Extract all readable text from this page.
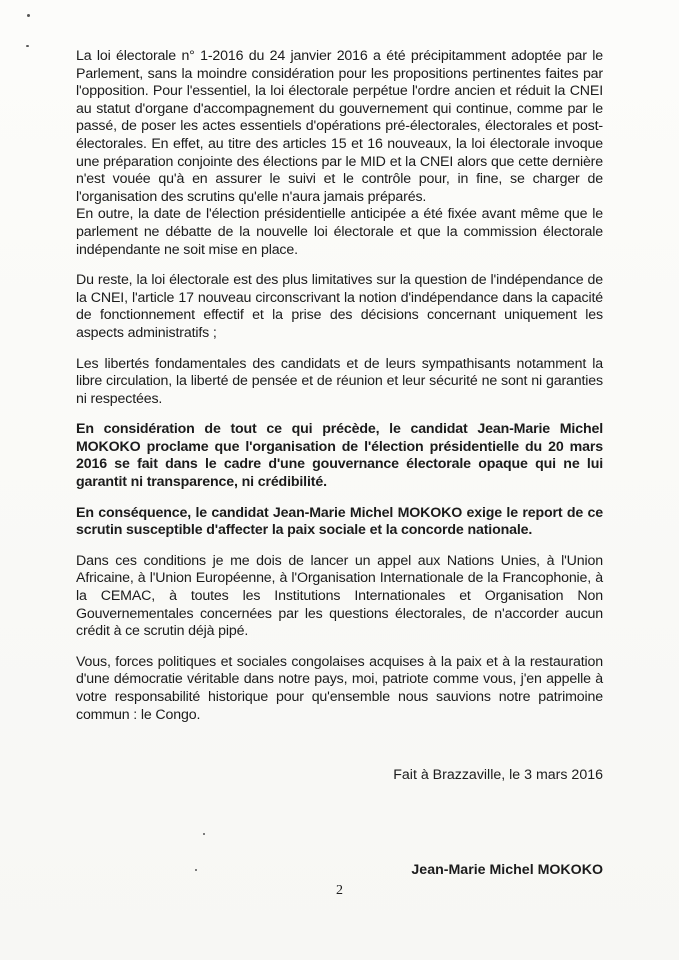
La loi électorale n° 1-2016 du 24 janvier 2016 a été précipitamment adoptée par le Parlement, sans la moindre considération pour les propositions pertinentes faites par l'opposition. Pour l'essentiel, la loi électorale perpétue l'ordre ancien et réduit la CNEI au statut d'organe d'accompagnement du gouvernement qui continue, comme par le passé, de poser les actes essentiels d'opérations pré-électorales, électorales et post-électorales. En effet, au titre des articles 15 et 16 nouveaux, la loi électorale invoque une préparation conjointe des élections par le MID et la CNEI alors que cette dernière n'est vouée qu'à en assurer le suivi et le contrôle pour, in fine, se charger de l'organisation des scrutins qu'elle n'aura jamais préparés.

En outre, la date de l'élection présidentielle anticipée a été fixée avant même que le parlement ne débatte de la nouvelle loi électorale et que la commission électorale indépendante ne soit mise en place.

Du reste, la loi électorale est des plus limitatives sur la question de l'indépendance de la CNEI, l'article 17 nouveau circonscrivant la notion d'indépendance dans la capacité de fonctionnement effectif et la prise des décisions concernant uniquement les aspects administratifs ;

Les libertés fondamentales des candidats et de leurs sympathisants notamment la libre circulation, la liberté de pensée et de réunion et leur sécurité ne sont ni garanties ni respectées.

En considération de tout ce qui précède, le candidat Jean-Marie Michel MOKOKO proclame que l'organisation de l'élection présidentielle du 20 mars 2016 se fait dans le cadre d'une gouvernance électorale opaque qui ne lui garantit ni transparence, ni crédibilité.

En conséquence, le candidat Jean-Marie Michel MOKOKO exige le report de ce scrutin susceptible d'affecter la paix sociale et la concorde nationale.

Dans ces conditions je me dois de lancer un appel aux Nations Unies, à l'Union Africaine, à l'Union Européenne, à l'Organisation Internationale de la Francophonie, à la CEMAC, à toutes les Institutions Internationales et Organisation Non Gouvernementales concernées par les questions électorales, de n'accorder aucun crédit à ce scrutin déjà pipé.

Vous, forces politiques et sociales congolaises acquises à la paix et à la restauration d'une démocratie véritable dans notre pays, moi, patriote comme vous, j'en appelle à votre responsabilité historique pour qu'ensemble nous sauvions notre patrimoine commun : le Congo.

Fait à Brazzaville, le 3 mars 2016
Jean-Marie Michel MOKOKO
2
